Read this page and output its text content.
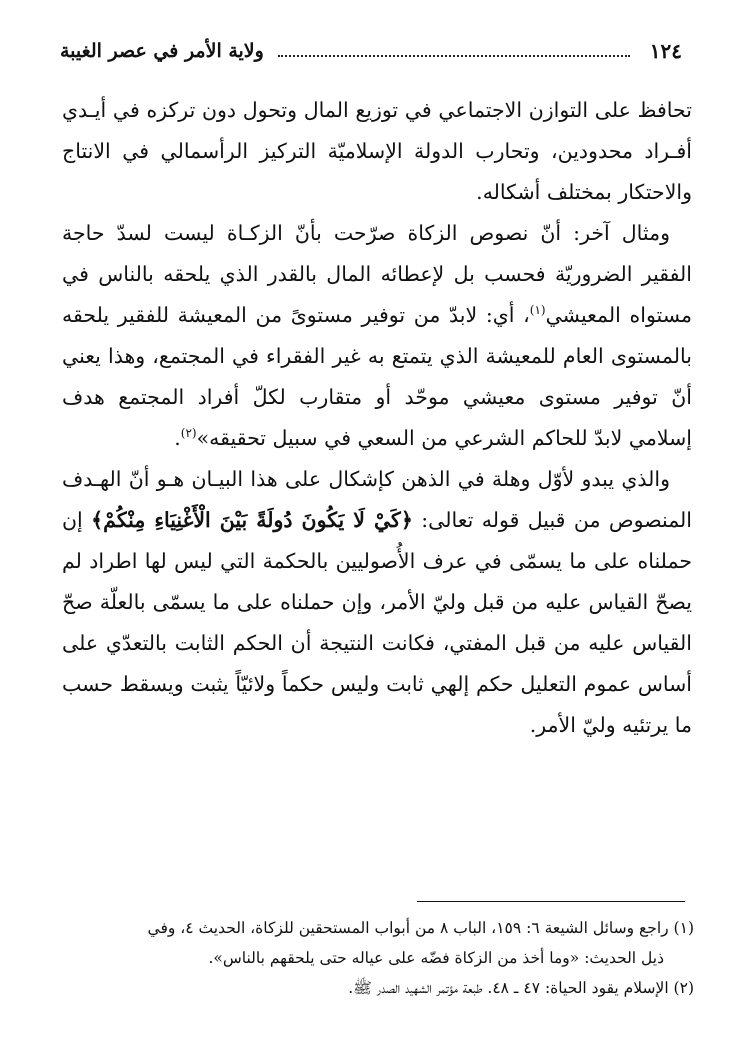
١٢٤
ولاية الأمر في عصر الغيبة

تحافظ على التوازن الاجتماعي في توزيع المال وتحول دون تركزه في أيـدي أفـراد محدودين، وتحارب الدولة الإسلاميّة التركيز الرأسمالي في الانتاج والاحتكار بمختلف أشكاله.

ومثال آخر: أنّ نصوص الزكاة صرّحت بأنّ الزكـاة ليست لسدّ حاجة الفقير الضروريّة فحسب بل لإعطائه المال بالقدر الذي يلحقه بالناس في مستواه المعيشي$^{(١)}$، أي: لابدّ من توفير مستوىً من المعيشة للفقير يلحقه بالمستوى العام للمعيشة الذي يتمتع به غير الفقراء في المجتمع، وهذا يعني أنّ توفير مستوى معيشي موحّد أو متقارب لكلّ أفراد المجتمع هدف إسلامي لابدّ للحاكم الشرعي من السعي في سبيل تحقيقه»$^{(٢)}$.

والذي يبدو لأوّل وهلة في الذهن كإشكال على هذا البيـان هـو أنّ الهـدف المنصوص من قبيل قوله تعالى: ﴿كَيْ لَا يَكُونَ دُولَةً بَيْنَ الْأَغْنِيَاءِ مِنْكُمْ﴾ إن حملناه على ما يسمّى في عرف الأُصوليين بالحكمة التي ليس لها اطراد لم يصحّ القياس عليه من قبل وليّ الأمر، وإن حملناه على ما يسمّى بالعلّة صحّ القياس عليه من قبل المفتي، فكانت النتيجة أن الحكم الثابت بالتعدّي على أساس عموم التعليل حكم إلهي ثابت وليس حكماً ولائيّاً يثبت ويسقط حسب ما يرتئيه وليّ الأمر.

(١) راجع وسائل الشيعة ٦: ١٥٩، الباب ٨ من أبواب المستحقين للزكاة، الحديث ٤، وفي

ذيل الحديث: «وما أخذ من الزكاة فضّه على عياله حتى يلحقهم بالناس».

(٢) الإسلام يقود الحياة: ٤٧ ـ ٤٨. طبعة مؤتمر الشهيد الصدر ﷺ.
